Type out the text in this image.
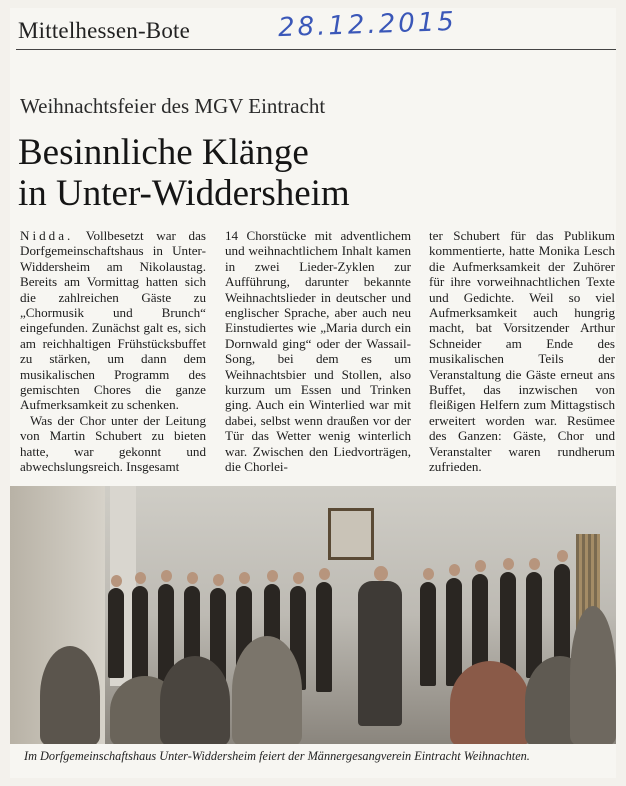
Mittelhessen-Bote	28.12.2015
Weihnachtsfeier des MGV Eintracht
Besinnliche Klänge
in Unter-Widdersheim

Nidda. Vollbesetzt war das Dorfgemeinschaftshaus in Unter-Widdersheim am Nikolaustag. Bereits am Vormittag hatten sich die zahlreichen Gäste zu „Chormusik und Brunch“ eingefunden. Zunächst galt es, sich am reichhaltigen Frühstücksbuffet zu stärken, um dann dem musikalischen Programm des gemischten Chores die ganze Aufmerksamkeit zu schenken.

Was der Chor unter der Leitung von Martin Schubert zu bieten hatte, war gekonnt und abwechslungsreich. Insgesamt

14 Chorstücke mit adventlichem und weihnachtlichem Inhalt kamen in zwei Lieder-Zyklen zur Aufführung, darunter bekannte Weihnachtslieder in deutscher und englischer Sprache, aber auch neu Einstudiertes wie „Maria durch ein Dornwald ging“ oder der Wassail-Song, bei dem es um Weihnachtsbier und Stollen, also kurzum um Essen und Trinken ging. Auch ein Winterlied war mit dabei, selbst wenn draußen vor der Tür das Wetter wenig winterlich war. Zwischen den Liedvorträgen, die Chorlei-

ter Schubert für das Publikum kommentierte, hatte Monika Lesch die Aufmerksamkeit der Zuhörer für ihre vorweihnachtlichen Texte und Gedichte. Weil so viel Aufmerksamkeit auch hungrig macht, bat Vorsitzender Arthur Schneider am Ende des musikalischen Teils der Veranstaltung die Gäste erneut ans Buffet, das inzwischen von fleißigen Helfern zum Mittagstisch erweitert worden war. Resümee des Ganzen: Gäste, Chor und Veranstalter waren rundherum zufrieden.

Im Dorfgemeinschaftshaus Unter-Widdersheim feiert der Männergesangverein Eintracht Weihnachten.
